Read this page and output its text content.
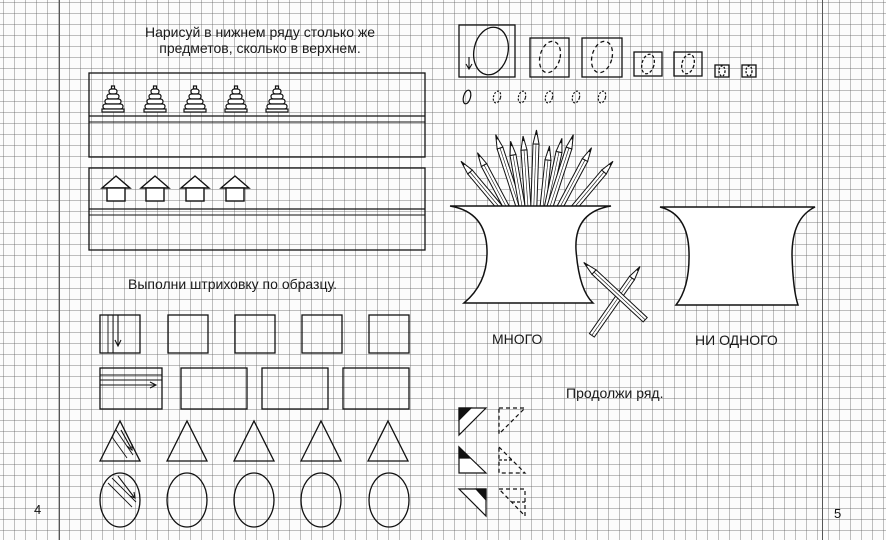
Нарисуй в нижнем ряду столько же
предметов, сколько в верхнем.
Выполни штриховку по образцу.
4
МНОГО	НИ ОДНОГО
Продолжи ряд.
5
